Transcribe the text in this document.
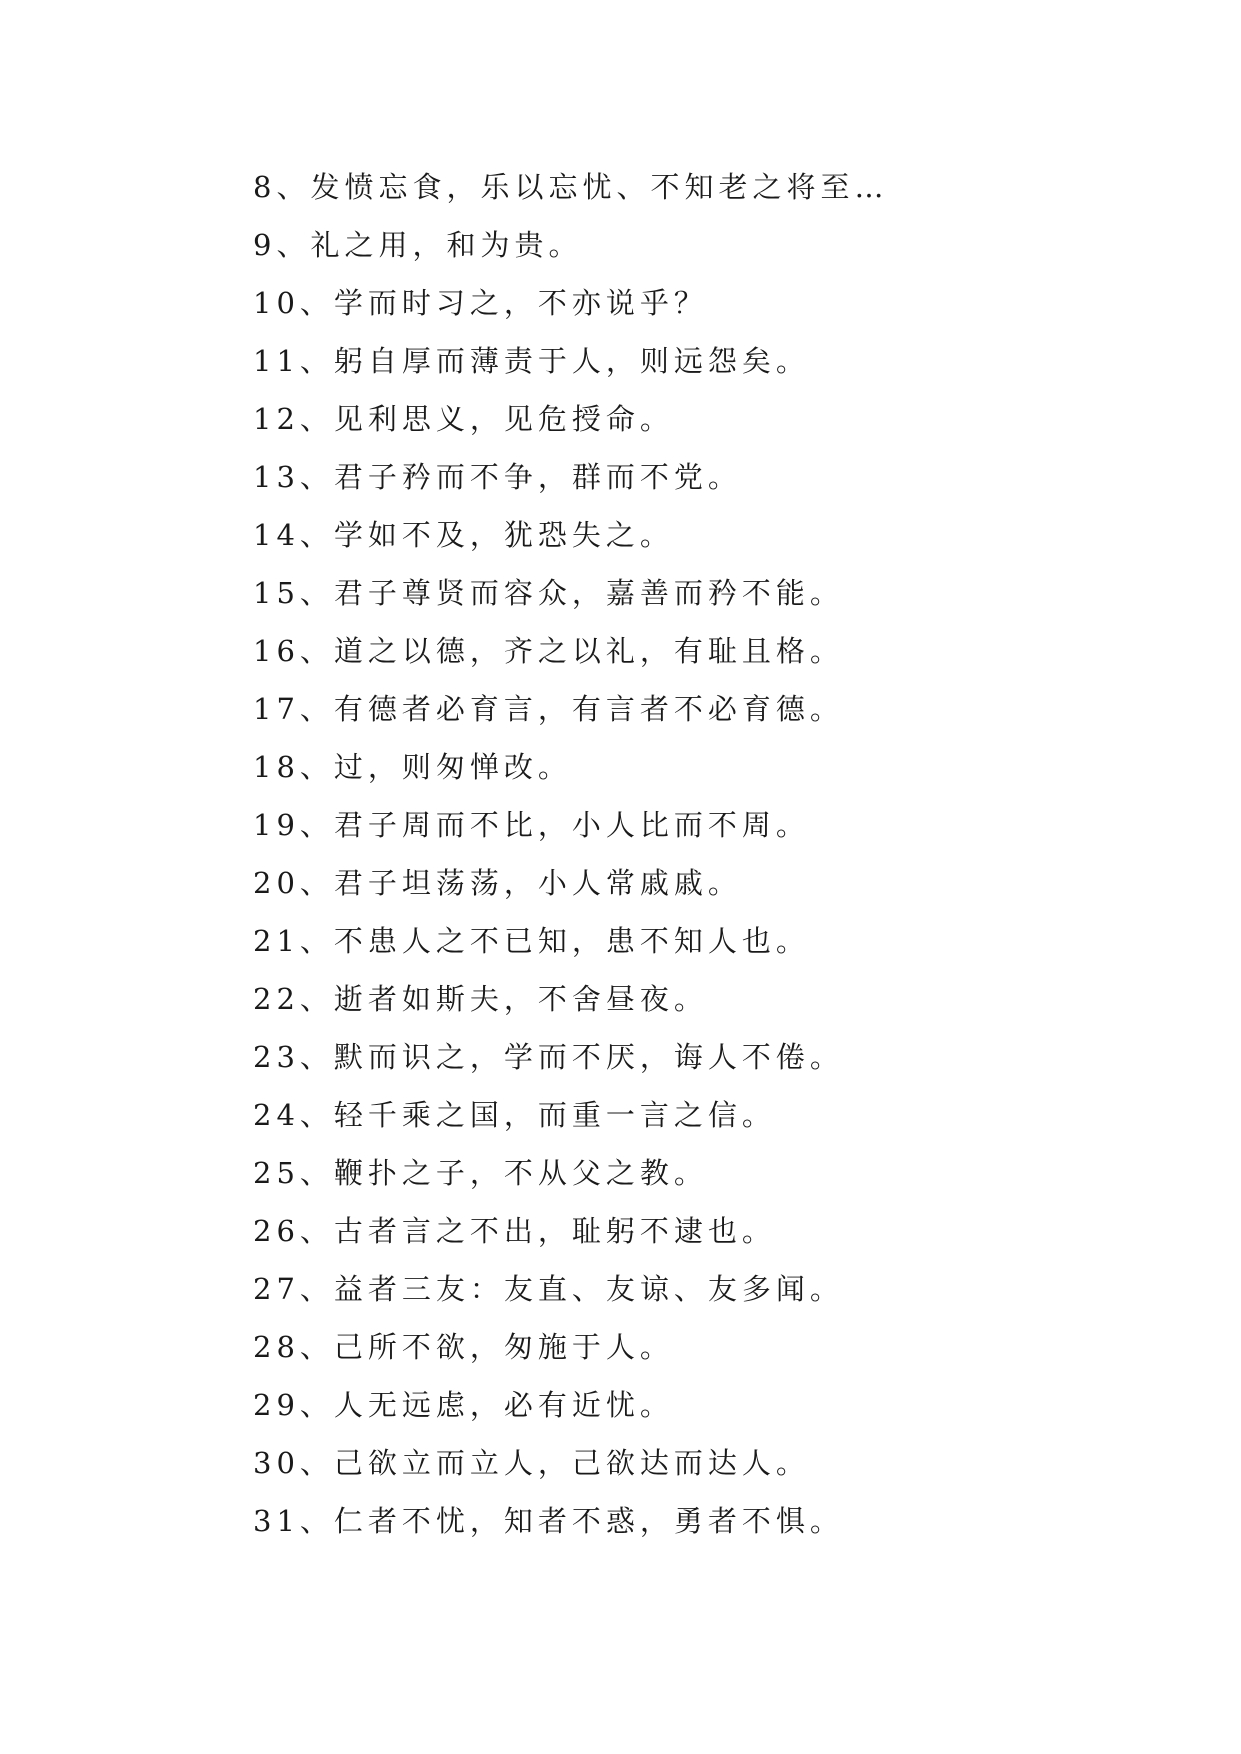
8、发愤忘食，乐以忘忧、不知老之将至…
9、礼之用，和为贵。
10、学而时习之，不亦说乎？
11、躬自厚而薄责于人，则远怨矣。
12、见利思义，见危授命。
13、君子矜而不争，群而不党。
14、学如不及，犹恐失之。
15、君子尊贤而容众，嘉善而矜不能。
16、道之以德，齐之以礼，有耻且格。
17、有德者必育言，有言者不必育德。
18、过，则匆惮改。
19、君子周而不比，小人比而不周。
20、君子坦荡荡，小人常戚戚。
21、不患人之不已知，患不知人也。
22、逝者如斯夫，不舍昼夜。
23、默而识之，学而不厌，诲人不倦。
24、轻千乘之国，而重一言之信。
25、鞭扑之子，不从父之教。
26、古者言之不出，耻躬不逮也。
27、益者三友：友直、友谅、友多闻。
28、己所不欲，匆施于人。
29、人无远虑，必有近忧。
30、己欲立而立人，己欲达而达人。
31、仁者不忧，知者不惑，勇者不惧。
